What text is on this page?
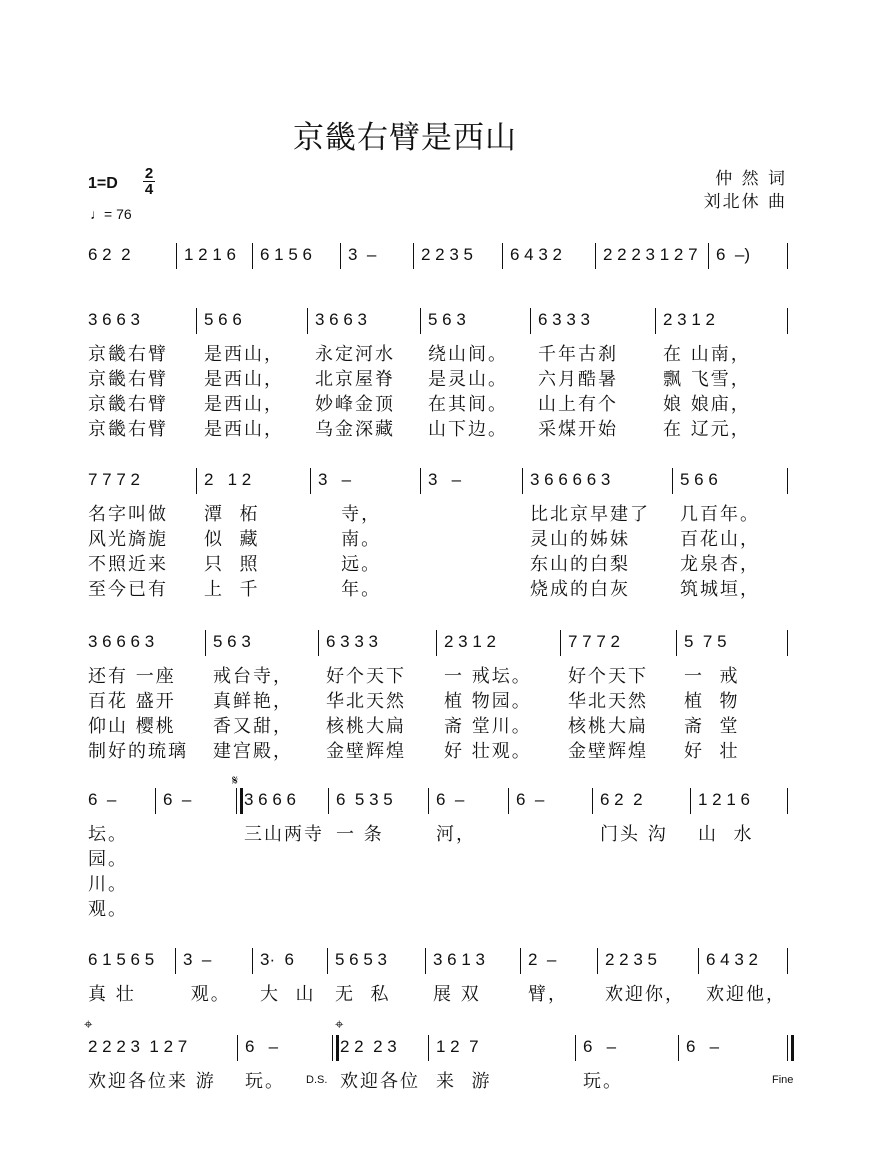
京畿右臂是西山
仲 然 词
刘北休 曲
1=D
2
4
♩= 76
𝄋
⌖	⌖
D.S.	Fine
6 2  2	1 2 1 6 6 1 5 6 3  –	2 2 3 5 6 4 3 2 2 2 2 3 1 2 7 6  –)
3 6 6 3
京畿右臂
京畿右臂
京畿右臂
京畿右臂
5 6 6
是西山，
是西山，
是西山，
是西山，
3 6 6 3
永定河水
北京屋脊
妙峰金顶
乌金深藏
5 6 3
绕山间。
是灵山。
在其间。
山下边。
6 3 3 3
千年古刹
六月酷暑
山上有个
采煤开始
2 3 1 2
在 山南，
飘 飞雪，
娘 娘庙，
在 辽元，
7 7 7 2
名字叫做
风光旖旎
不照近来
至今已有
2   1 2
潭  柘
似  藏
只  照
上  千
3   –
寺，
南。
远。
年。
3   –	3 6 6 6 6 3
比北京早建了
灵山的姊妹
东山的白梨
烧成的白灰
5 6 6
几百年。
百花山，
龙泉杏，
筑城垣，
3 6 6 6 3
还有 一座
百花 盛开
仰山 樱桃
制好的琉璃
5 6 3
戒台寺，
真鲜艳，
香又甜，
建宫殿，
6 3 3 3
好个天下
华北天然
核桃大扁
金壁辉煌
2 3 1 2
一 戒坛。
植 物园。
斋 堂川。
好 壮观。
7 7 7 2
好个天下
华北天然
核桃大扁
金壁辉煌
5  7 5
一  戒
植  物
斋  堂
好  壮
6  –
坛。
园。
川。
观。
6  –	3 6 6 6
三山两寺
6  5 3 5
一 条
6  –
河，
6  –	6 2  2
门头 沟
1 2 1 6
山  水
6 1 5 6 5
真 壮
3  –
观。
3·  6
大  山
5 6 5 3
无  私
3 6 1 3
展 双
2  –
臂，
2 2 3 5
欢迎你，
6 4 3 2
欢迎他，
2 2 2 3  1 2 7
欢迎各位来 游
6   –
玩。
2 2  2 3
欢迎各位
1 2  7
来  游
6   –
玩。
6   –
